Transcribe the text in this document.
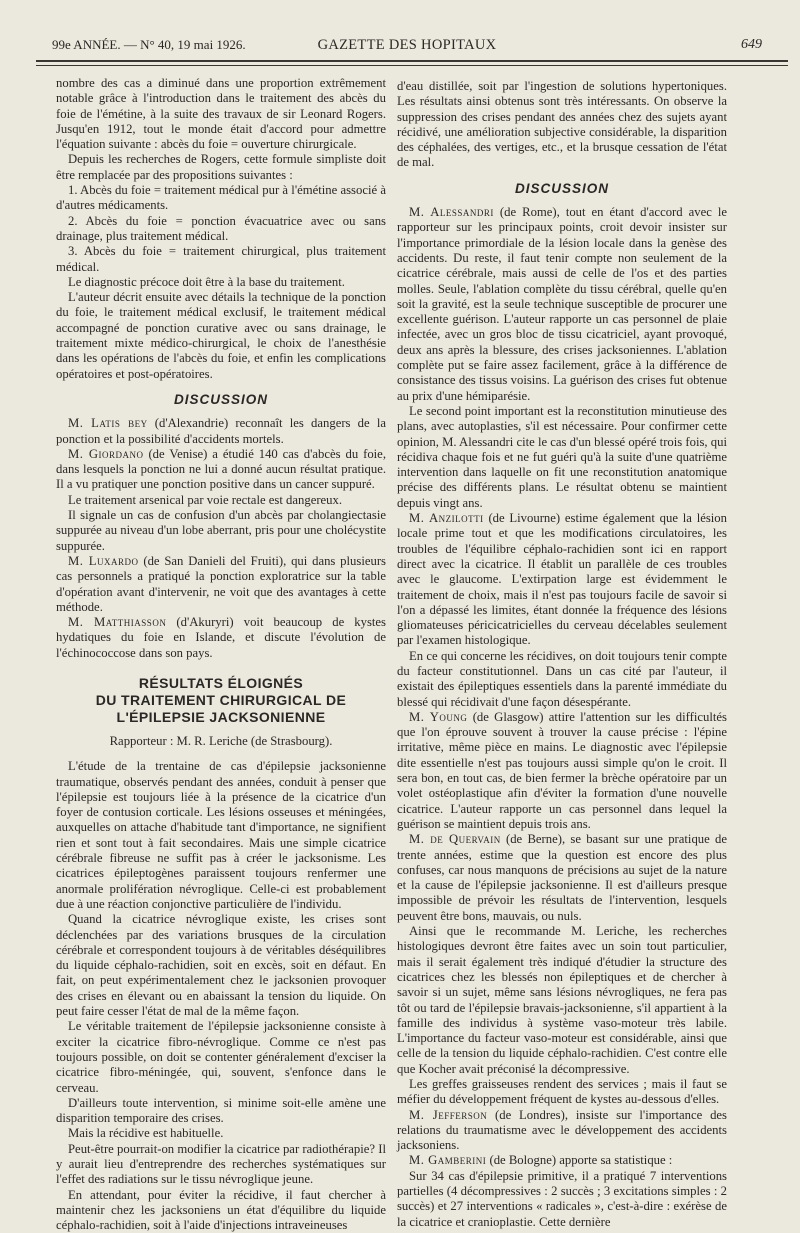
99e ANNÉE. — N° 40, 19 mai 1926.	GAZETTE DES HOPITAUX	649

nombre des cas a diminué dans une proportion extrêmement notable grâce à l'introduction dans le traitement des abcès du foie de l'émétine, à la suite des travaux de sir Leonard Rogers. Jusqu'en 1912, tout le monde était d'accord pour admettre l'équation suivante : abcès du foie = ouverture chirurgicale.

Depuis les recherches de Rogers, cette formule simpliste doit être remplacée par des propositions suivantes :

1. Abcès du foie = traitement médical pur à l'émétine associé à d'autres médicaments.

2. Abcès du foie = ponction évacuatrice avec ou sans drainage, plus traitement médical.

3. Abcès du foie = traitement chirurgical, plus traitement médical.

Le diagnostic précoce doit être à la base du traitement.

L'auteur décrit ensuite avec détails la technique de la ponction du foie, le traitement médical exclusif, le traitement médical accompagné de ponction curative avec ou sans drainage, le traitement mixte médico-chirurgical, le choix de l'anesthésie dans les opérations de l'abcès du foie, et enfin les complications opératoires et post-opératoires.

DISCUSSION

M. Latis bey (d'Alexandrie) reconnaît les dangers de la ponction et la possibilité d'accidents mortels.

M. Giordano (de Venise) a étudié 140 cas d'abcès du foie, dans lesquels la ponction ne lui a donné aucun résultat pratique. Il a vu pratiquer une ponction positive dans un cancer suppuré.

Le traitement arsenical par voie rectale est dangereux.

Il signale un cas de confusion d'un abcès par cholangiectasie suppurée au niveau d'un lobe aberrant, pris pour une cholécystite suppurée.

M. Luxardo (de San Danieli del Fruiti), qui dans plusieurs cas personnels a pratiqué la ponction exploratrice sur la table d'opération avant d'intervenir, ne voit que des avantages à cette méthode.

M. Matthiasson (d'Akuryri) voit beaucoup de kystes hydatiques du foie en Islande, et discute l'évolution de l'échinococcose dans son pays.

RÉSULTATS ÉLOIGNÉS
DU TRAITEMENT CHIRURGICAL DE L'ÉPILEPSIE JACKSONIENNE

Rapporteur : M. R. Leriche (de Strasbourg).

L'étude de la trentaine de cas d'épilepsie jacksonienne traumatique, observés pendant des années, conduit à penser que l'épilepsie est toujours liée à la présence de la cicatrice d'un foyer de contusion corticale. Les lésions osseuses et méningées, auxquelles on attache d'habitude tant d'importance, ne signifient rien et sont tout à fait secondaires. Mais une simple cicatrice cérébrale fibreuse ne suffit pas à créer le jacksonisme. Les cicatrices épileptogènes paraissent toujours renfermer une anormale prolifération névroglique. Celle-ci est probablement due à une réaction conjonctive particulière de l'individu.

Quand la cicatrice névroglique existe, les crises sont déclenchées par des variations brusques de la circulation cérébrale et correspondent toujours à de véritables déséquilibres du liquide céphalo-rachidien, soit en excès, soit en défaut. En fait, on peut expérimentalement chez le jacksonien provoquer des crises en élevant ou en abaissant la tension du liquide. On peut faire cesser l'état de mal de la même façon.

Le véritable traitement de l'épilepsie jacksonienne consiste à exciter la cicatrice fibro-névroglique. Comme ce n'est pas toujours possible, on doit se contenter généralement d'exciser la cicatrice fibro-méningée, qui, souvent, s'enfonce dans le cerveau.

D'ailleurs toute intervention, si minime soit-elle amène une disparition temporaire des crises.

Mais la récidive est habituelle.

Peut-être pourrait-on modifier la cicatrice par radiothérapie? Il y aurait lieu d'entreprendre des recherches systématiques sur l'effet des radiations sur le tissu névroglique jeune.

En attendant, pour éviter la récidive, il faut chercher à maintenir chez les jacksoniens un état d'équilibre du liquide céphalo-rachidien, soit à l'aide d'injections intraveineuses

d'eau distillée, soit par l'ingestion de solutions hypertoniques. Les résultats ainsi obtenus sont très intéressants. On observe la suppression des crises pendant des années chez des sujets ayant récidivé, une amélioration subjective considérable, la disparition des céphalées, des vertiges, etc., et la brusque cessation de l'état de mal.

DISCUSSION

M. Alessandri (de Rome), tout en étant d'accord avec le rapporteur sur les principaux points, croit devoir insister sur l'importance primordiale de la lésion locale dans la genèse des accidents. Du reste, il faut tenir compte non seulement de la cicatrice cérébrale, mais aussi de celle de l'os et des parties molles. Seule, l'ablation complète du tissu cérébral, quelle qu'en soit la gravité, est la seule technique susceptible de procurer une excellente guérison. L'auteur rapporte un cas personnel de plaie infectée, avec un gros bloc de tissu cicatriciel, ayant provoqué, deux ans après la blessure, des crises jacksoniennes. L'ablation complète put se faire assez facilement, grâce à la différence de consistance des tissus voisins. La guérison des crises fut obtenue au prix d'une hémiparésie.

Le second point important est la reconstitution minutieuse des plans, avec autoplasties, s'il est nécessaire. Pour confirmer cette opinion, M. Alessandri cite le cas d'un blessé opéré trois fois, qui récidiva chaque fois et ne fut guéri qu'à la suite d'une quatrième intervention dans laquelle on fit une reconstitution anatomique précise des différents plans. Le résultat obtenu se maintient depuis vingt ans.

M. Anzilotti (de Livourne) estime également que la lésion locale prime tout et que les modifications circulatoires, les troubles de l'équilibre céphalo-rachidien sont ici en rapport direct avec la cicatrice. Il établit un parallèle de ces troubles avec le glaucome. L'extirpation large est évidemment le traitement de choix, mais il n'est pas toujours facile de savoir si l'on a dépassé les limites, étant donnée la fréquence des lésions gliomateuses péricicatricielles du cerveau décelables seulement par l'examen histologique.

En ce qui concerne les récidives, on doit toujours tenir compte du facteur constitutionnel. Dans un cas cité par l'auteur, il existait des épileptiques essentiels dans la parenté immédiate du blessé qui récidivait d'une façon désespérante.

M. Young (de Glasgow) attire l'attention sur les difficultés que l'on éprouve souvent à trouver la cause précise : l'épine irritative, même pièce en mains. Le diagnostic avec l'épilepsie dite essentielle n'est pas toujours aussi simple qu'on le croit. Il sera bon, en tout cas, de bien fermer la brèche opératoire par un volet ostéoplastique afin d'éviter la formation d'une nouvelle cicatrice. L'auteur rapporte un cas personnel dans lequel la guérison se maintient depuis trois ans.

M. de Quervain (de Berne), se basant sur une pratique de trente années, estime que la question est encore des plus confuses, car nous manquons de précisions au sujet de la nature et la cause de l'épilepsie jacksonienne. Il est d'ailleurs presque impossible de prévoir les résultats de l'intervention, lesquels peuvent être bons, mauvais, ou nuls.

Ainsi que le recommande M. Leriche, les recherches histologiques devront être faites avec un soin tout particulier, mais il serait également très indiqué d'étudier la structure des cicatrices chez les blessés non épileptiques et de chercher à savoir si un sujet, même sans lésions névrogliques, ne fera pas tôt ou tard de l'épilepsie bravais-jacksonienne, s'il appartient à la famille des individus à système vaso-moteur très labile. L'importance du facteur vaso-moteur est considérable, ainsi que celle de la tension du liquide céphalo-rachidien. C'est contre elle que Kocher avait préconisé la décompressive.

Les greffes graisseuses rendent des services ; mais il faut se méfier du développement fréquent de kystes au-dessous d'elles.

M. Jefferson (de Londres), insiste sur l'importance des relations du traumatisme avec le développement des accidents jacksoniens.

M. Gamberini (de Bologne) apporte sa statistique :

Sur 34 cas d'épilepsie primitive, il a pratiqué 7 interventions partielles (4 décompressives : 2 succès ; 3 excitations simples : 2 succès) et 27 interventions « radicales », c'est-à-dire : exérèse de la cicatrice et cranioplastie. Cette dernière
